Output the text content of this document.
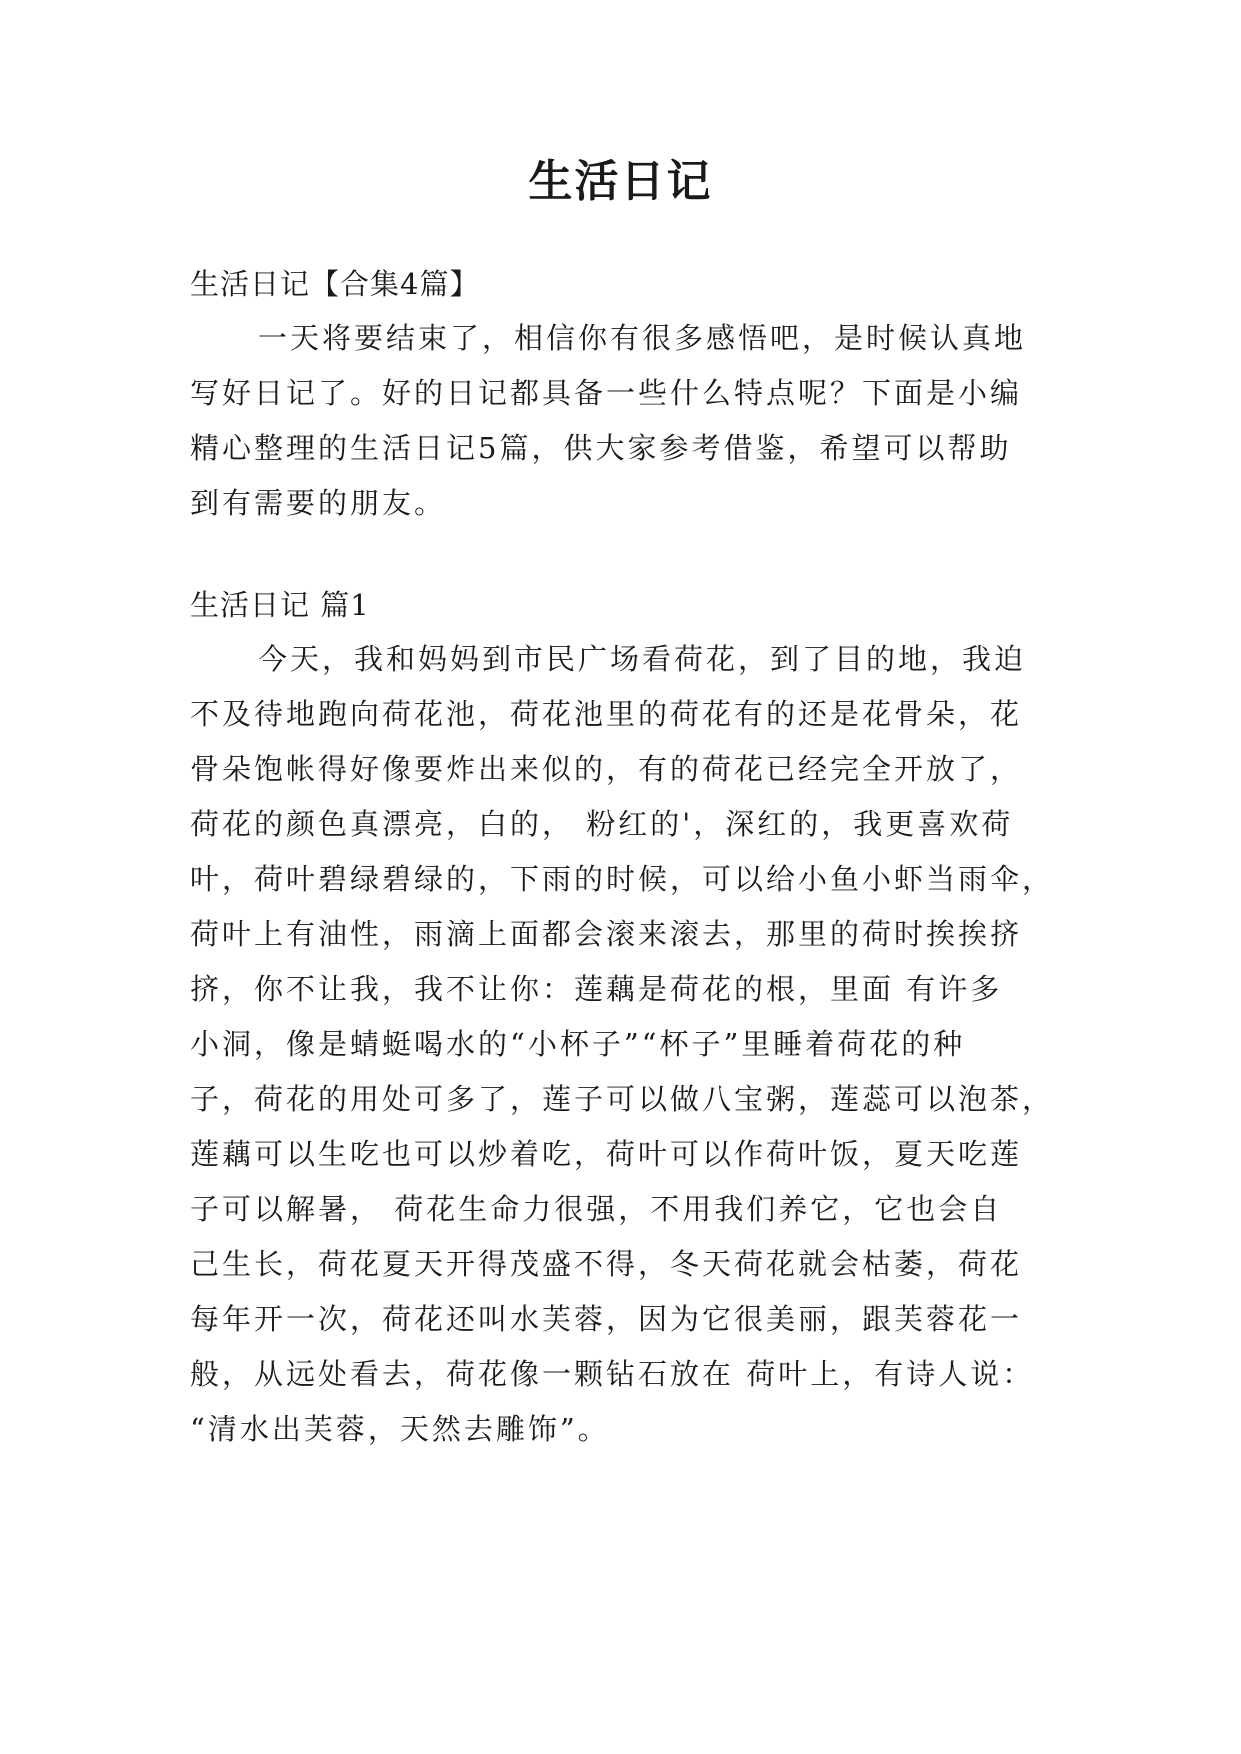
生活日记
生活日记【合集4篇】
一天将要结束了，相信你有很多感悟吧，是时候认真地
写好日记了。好的日记都具备一些什么特点呢？下面是小编
精心整理的生活日记5篇，供大家参考借鉴，希望可以帮助
到有需要的朋友。
生活日记 篇1
今天，我和妈妈到市民广场看荷花，到了目的地，我迫
不及待地跑向荷花池，荷花池里的荷花有的还是花骨朵，花
骨朵饱帐得好像要炸出来似的，有的荷花已经完全开放了，
荷花的颜色真漂亮，白的， 粉红的'，深红的，我更喜欢荷
叶，荷叶碧绿碧绿的，下雨的时候，可以给小鱼小虾当雨伞，
荷叶上有油性，雨滴上面都会滚来滚去，那里的荷时挨挨挤
挤，你不让我，我不让你：莲藕是荷花的根，里面 有许多
小洞，像是蜻蜓喝水的“小杯子”“杯子”里睡着荷花的种
子，荷花的用处可多了，莲子可以做八宝粥，莲蕊可以泡茶，
莲藕可以生吃也可以炒着吃，荷叶可以作荷叶饭，夏天吃莲
子可以解暑， 荷花生命力很强，不用我们养它，它也会自
己生长，荷花夏天开得茂盛不得，冬天荷花就会枯萎，荷花
每年开一次，荷花还叫水芙蓉，因为它很美丽，跟芙蓉花一
般，从远处看去，荷花像一颗钻石放在 荷叶上，有诗人说：
“清水出芙蓉，天然去雕饰”。
